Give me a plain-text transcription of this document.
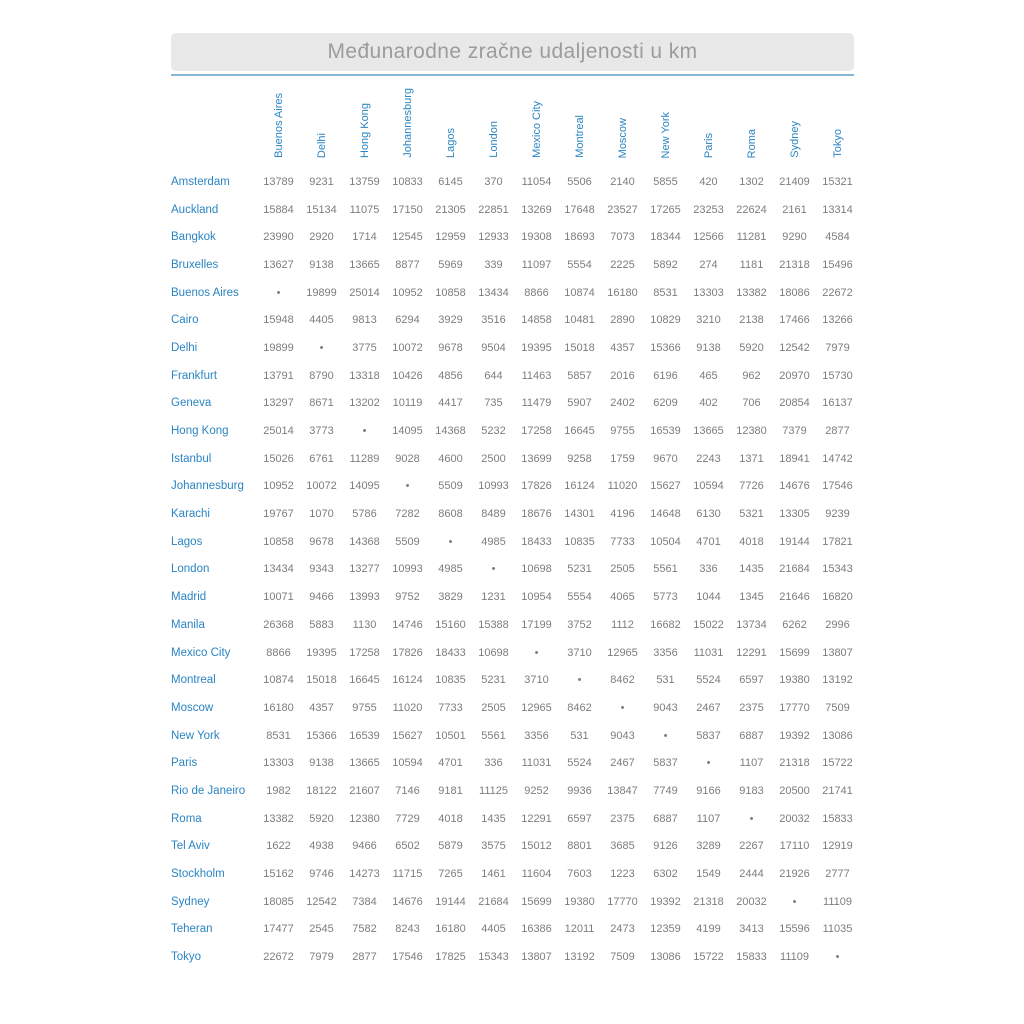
Međunarodne zračne udaljenosti u km
	Buenos Aires	Delhi	Hong Kong	Johannesburg	Lagos	London	Mexico City	Montreal	Moscow	New York	Paris	Roma	Sydney	Tokyo
Amsterdam	13789	9231	13759	10833	6145	370	11054	5506	2140	5855	420	1302	21409	15321
Auckland	15884	15134	11075	17150	21305	22851	13269	17648	23527	17265	23253	22624	2161	13314
Bangkok	23990	2920	1714	12545	12959	12933	19308	18693	7073	18344	12566	11281	9290	4584
Bruxelles	13627	9138	13665	8877	5969	339	11097	5554	2225	5892	274	1181	21318	15496
Buenos Aires	•	19899	25014	10952	10858	13434	8866	10874	16180	8531	13303	13382	18086	22672
Cairo	15948	4405	9813	6294	3929	3516	14858	10481	2890	10829	3210	2138	17466	13266
Delhi	19899	•	3775	10072	9678	9504	19395	15018	4357	15366	9138	5920	12542	7979
Frankfurt	13791	8790	13318	10426	4856	644	11463	5857	2016	6196	465	962	20970	15730
Geneva	13297	8671	13202	10119	4417	735	11479	5907	2402	6209	402	706	20854	16137
Hong Kong	25014	3773	•	14095	14368	5232	17258	16645	9755	16539	13665	12380	7379	2877
Istanbul	15026	6761	11289	9028	4600	2500	13699	9258	1759	9670	2243	1371	18941	14742
Johannesburg	10952	10072	14095	•	5509	10993	17826	16124	11020	15627	10594	7726	14676	17546
Karachi	19767	1070	5786	7282	8608	8489	18676	14301	4196	14648	6130	5321	13305	9239
Lagos	10858	9678	14368	5509	•	4985	18433	10835	7733	10504	4701	4018	19144	17821
London	13434	9343	13277	10993	4985	•	10698	5231	2505	5561	336	1435	21684	15343
Madrid	10071	9466	13993	9752	3829	1231	10954	5554	4065	5773	1044	1345	21646	16820
Manila	26368	5883	1130	14746	15160	15388	17199	3752	1112	16682	15022	13734	6262	2996
Mexico City	8866	19395	17258	17826	18433	10698	•	3710	12965	3356	11031	12291	15699	13807
Montreal	10874	15018	16645	16124	10835	5231	3710	•	8462	531	5524	6597	19380	13192
Moscow	16180	4357	9755	11020	7733	2505	12965	8462	•	9043	2467	2375	17770	7509
New York	8531	15366	16539	15627	10501	5561	3356	531	9043	•	5837	6887	19392	13086
Paris	13303	9138	13665	10594	4701	336	11031	5524	2467	5837	•	1107	21318	15722
Rio de Janeiro	1982	18122	21607	7146	9181	11125	9252	9936	13847	7749	9166	9183	20500	21741
Roma	13382	5920	12380	7729	4018	1435	12291	6597	2375	6887	1107	•	20032	15833
Tel Aviv	1622	4938	9466	6502	5879	3575	15012	8801	3685	9126	3289	2267	17110	12919
Stockholm	15162	9746	14273	11715	7265	1461	11604	7603	1223	6302	1549	2444	21926	2777
Sydney	18085	12542	7384	14676	19144	21684	15699	19380	17770	19392	21318	20032	•	11109
Teheran	17477	2545	7582	8243	16180	4405	16386	12011	2473	12359	4199	3413	15596	11035
Tokyo	22672	7979	2877	17546	17825	15343	13807	13192	7509	13086	15722	15833	11109	•
